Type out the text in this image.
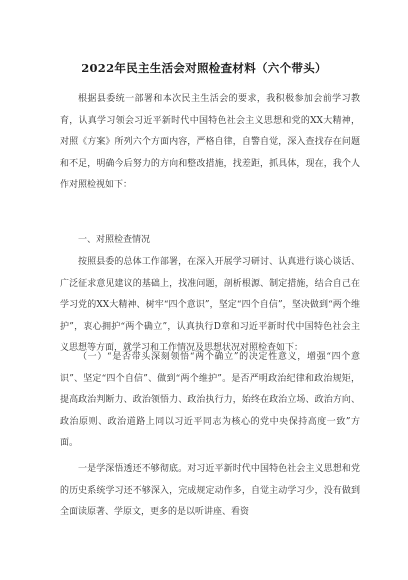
2022年民主生活会对照检查材料（六个带头）

根据县委统一部署和本次民主生活会的要求，我积极参加会前学习教育，认真学习领会习近平新时代中国特色社会主义思想和党的XX大精神，对照《方案》所列六个方面内容，严格自律，自警自觉，深入查找存在问题和不足，明确今后努力的方向和整改措施，找差距，抓具体，现在，我个人作对照检视如下：

一、对照检查情况

按照县委的总体工作部署，在深入开展学习研讨、认真进行谈心谈话、广泛征求意见建议的基础上，找准问题，剖析根源、制定措施，结合自己在学习党的XX大精神、树牢“四个意识”，坚定“四个自信”，坚决做到“两个维护”，衷心拥护“两个确立”，认真执行D章和习近平新时代中国特色社会主义思想等方面，就学习和工作情况及思想状况对照检查如下：

（一）“是否带头深刻领悟“两个确立”的决定性意义，增强“四个意识”、坚定“四个自信”、做到“两个维护”。是否严明政治纪律和政治规矩，提高政治判断力、政治领悟力、政治执行力，始终在政治立场、政治方向、政治原则、政治道路上同以习近平同志为核心的党中央保持高度一致”方面。

一是学深悟透还不够彻底。对习近平新时代中国特色社会主义思想和党的历史系统学习还不够深入，完成规定动作多，自觉主动学习少，没有做到全面读原著、学原文，更多的是以听讲座、看资
